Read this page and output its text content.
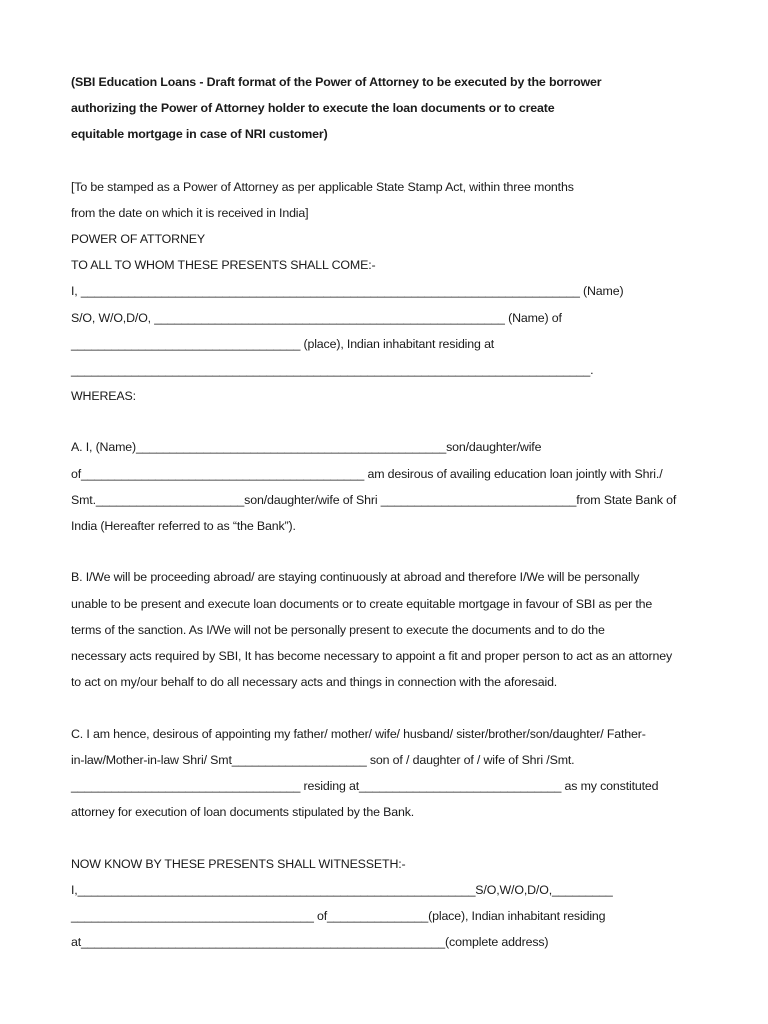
(SBI Education Loans - Draft format of the Power of Attorney to be executed by the borrower
authorizing the Power of Attorney holder to execute the loan documents or to create
equitable mortgage in case of NRI customer)
[To be stamped as a Power of Attorney as per applicable State Stamp Act, within three months
from the date on which it is received in India]
POWER OF ATTORNEY
TO ALL TO WHOM THESE PRESENTS SHALL COME:-
I, __________________________________________________________________________ (Name)
S/O, W/O,D/O, ____________________________________________________ (Name) of
__________________________________ (place), Indian inhabitant residing at
_____________________________________________________________________________.
WHEREAS:
A. I, (Name)______________________________________________son/daughter/wife
of__________________________________________ am desirous of availing education loan jointly with Shri./
Smt.______________________son/daughter/wife of Shri _____________________________from State Bank of
India (Hereafter referred to as “the Bank”).
B. I/We will be proceeding abroad/ are staying continuously at abroad and therefore I/We will be personally
unable to be present and execute loan documents or to create equitable mortgage in favour of SBI as per the
terms of the sanction. As I/We will not be personally present to execute the documents and to do the
necessary acts required by SBI, It has become necessary to appoint a fit and proper person to act as an attorney
to act on my/our behalf to do all necessary acts and things in connection with the aforesaid.
C. I am hence, desirous of appointing my father/ mother/ wife/ husband/ sister/brother/son/daughter/ Father-
in-law/Mother-in-law Shri/ Smt____________________ son of / daughter of / wife of Shri /Smt.
__________________________________ residing at______________________________ as my constituted
attorney for execution of loan documents stipulated by the Bank.
NOW KNOW BY THESE PRESENTS SHALL WITNESSETH:-
I,___________________________________________________________S/O,W/O,D/O,_________
____________________________________ of_______________(place), Indian inhabitant residing
at______________________________________________________(complete address)
